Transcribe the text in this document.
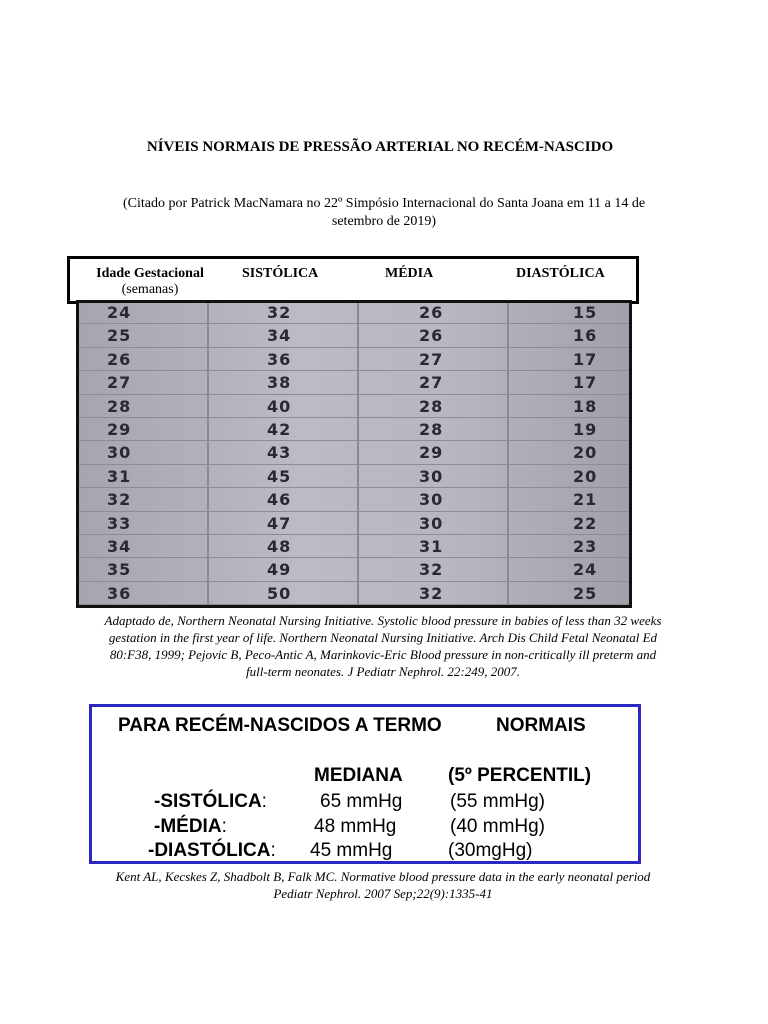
NÍVEIS NORMAIS DE PRESSÃO ARTERIAL NO RECÉM-NASCIDO
(Citado por Patrick MacNamara no 22º Simpósio Internacional do Santa Joana em 11 a 14 de setembro de 2019)
Idade Gestacional
(semanas)
SISTÓLICA	MÉDIA	DIASTÓLICA
24	32	26	15
25	34	26	16
26	36	27	17
27	38	27	17
28	40	28	18
29	42	28	19
30	43	29	20
31	45	30	20
32	46	30	21
33	47	30	22
34	48	31	23
35	49	32	24
36	50	32	25
Adaptado de, Northern Neonatal Nursing Initiative. Systolic blood pressure in babies of less than 32 weeks gestation in the first year of life. Northern Neonatal Nursing Initiative. Arch Dis Child Fetal Neonatal Ed 80:F38, 1999; Pejovic B, Peco-Antic A, Marinkovic-Eric Blood pressure in non-critically ill preterm and full-term neonates. J Pediatr Nephrol. 22:249, 2007.
PARA RECÉM-NASCIDOS A TERMO	NORMAIS
MEDIANA (5º PERCENTIL)
-SISTÓLICA:	65 mmHg	(55 mmHg)
-MÉDIA:	48 mmHg	(40 mmHg)
-DIASTÓLICA: 45 mmHg	(30mgHg)
Kent AL, Kecskes Z, Shadbolt B, Falk MC. Normative blood pressure data in the early neonatal period Pediatr Nephrol. 2007 Sep;22(9):1335-41
